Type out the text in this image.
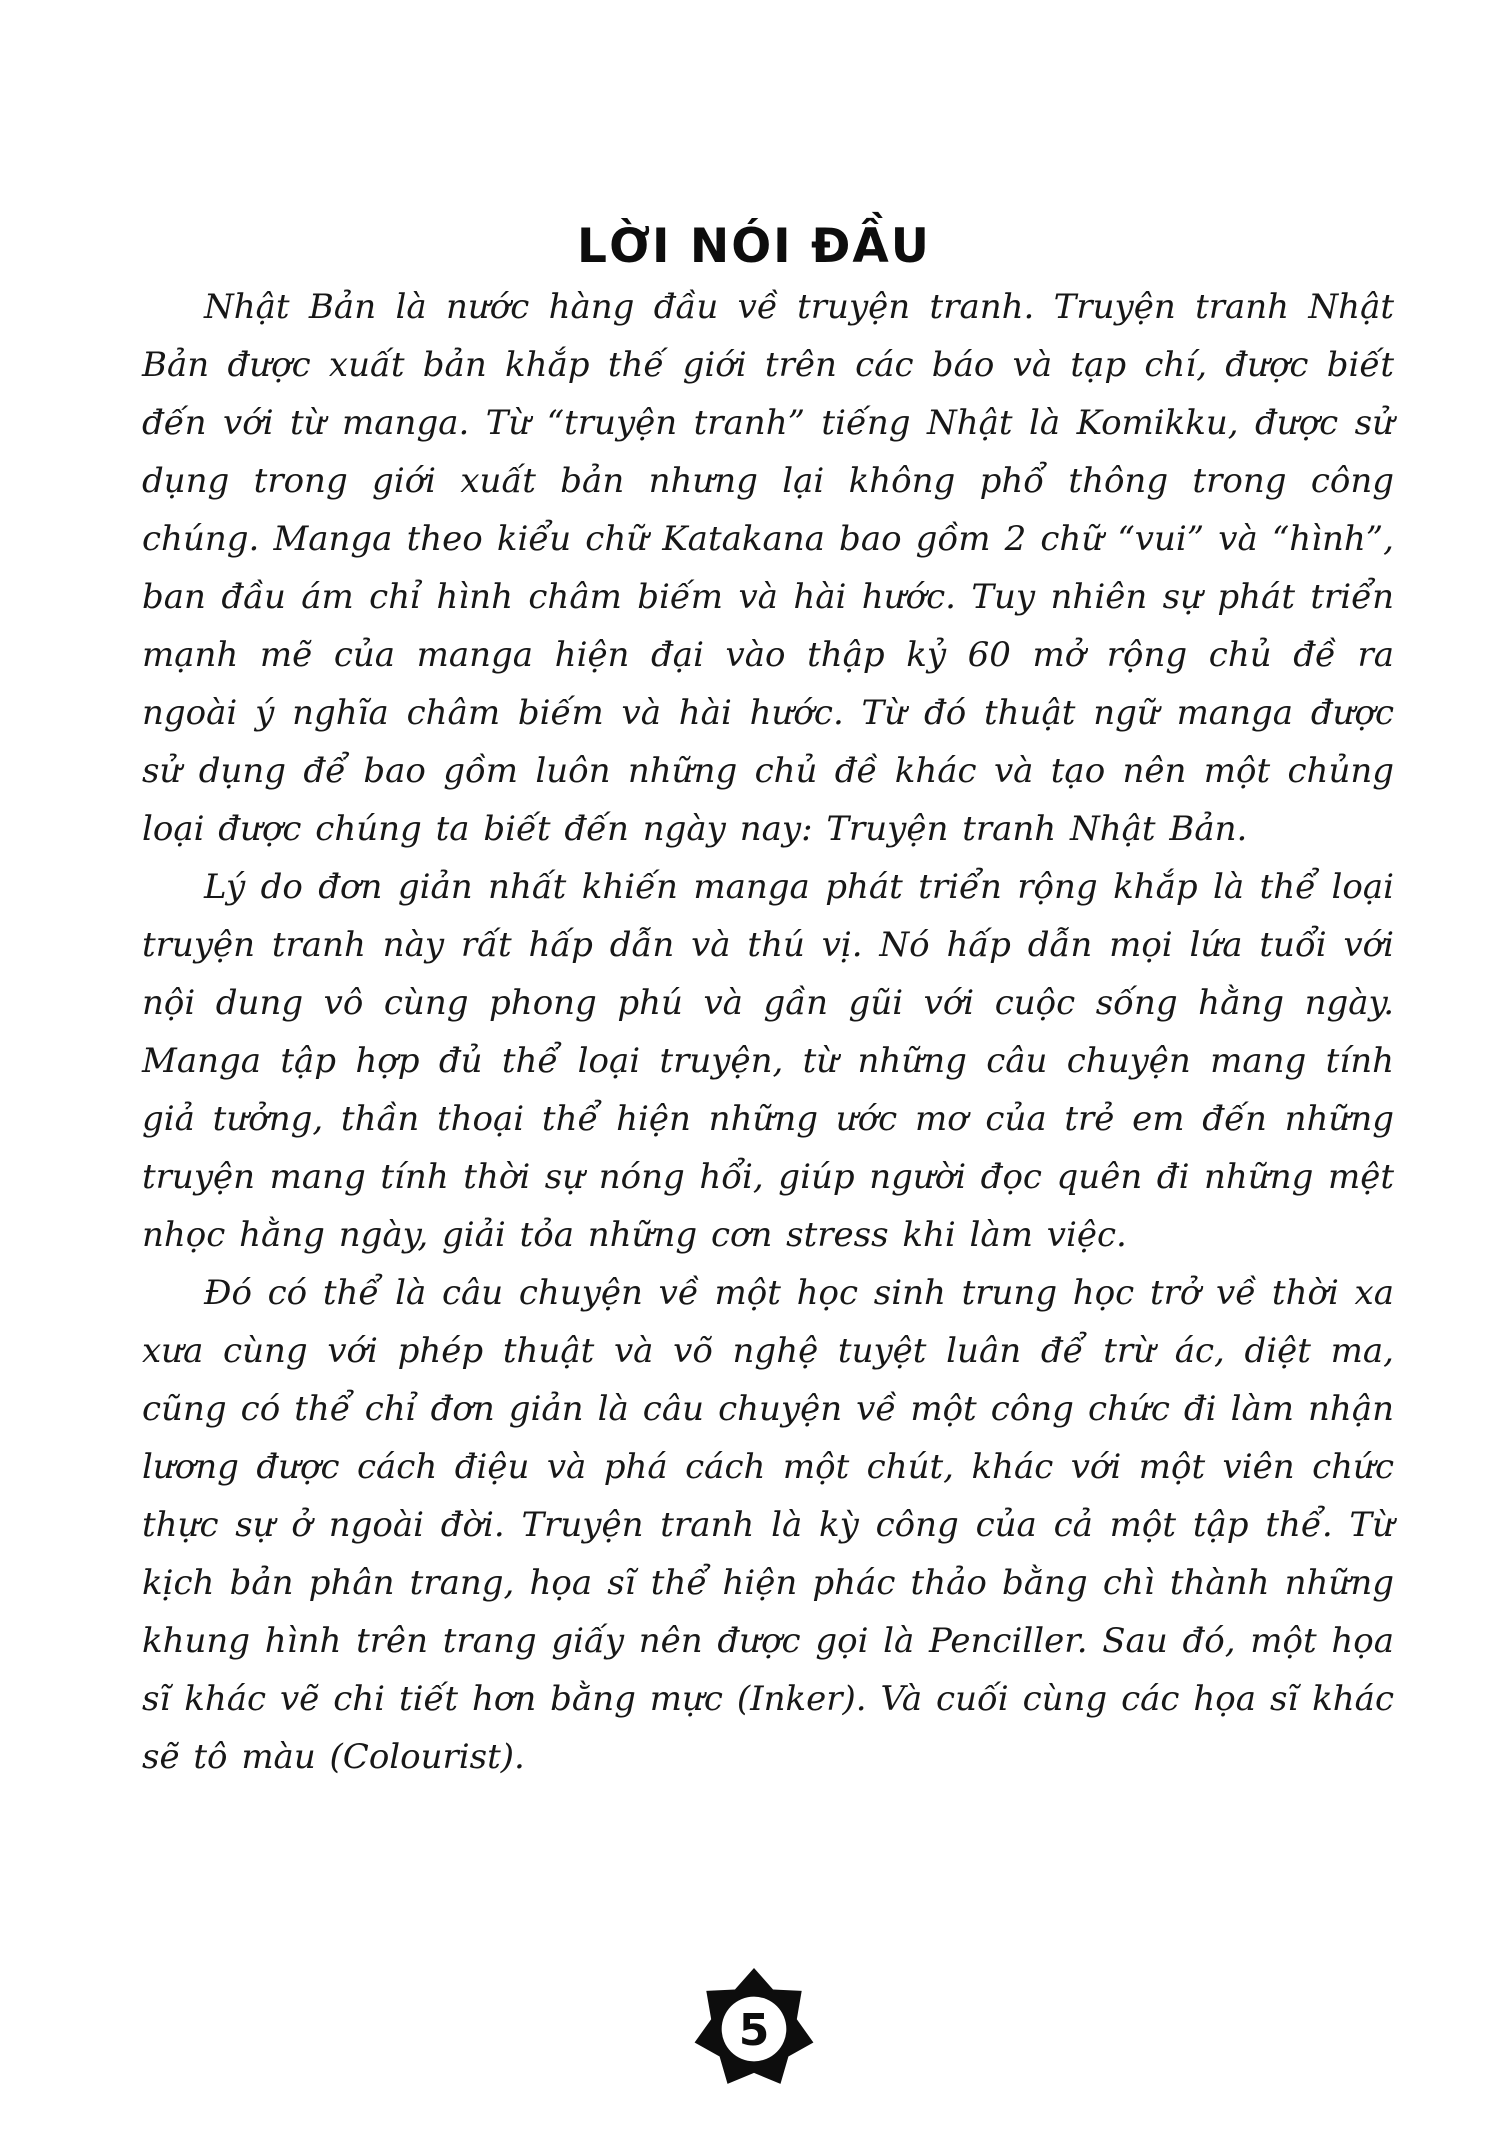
LỜI NÓI ĐẦU

Nhật Bản là nước hàng đầu về truyện tranh. Truyện tranh Nhật Bản được xuất bản khắp thế giới trên các báo và tạp chí, được biết đến với từ manga. Từ “truyện tranh” tiếng Nhật là Komikku, được sử dụng trong giới xuất bản nhưng lại không phổ thông trong công chúng. Manga theo kiểu chữ Katakana bao gồm 2 chữ “vui” và “hình”, ban đầu ám chỉ hình châm biếm và hài hước. Tuy nhiên sự phát triển mạnh mẽ của manga hiện đại vào thập kỷ 60 mở rộng chủ đề ra ngoài ý nghĩa châm biếm và hài hước. Từ đó thuật ngữ manga được sử dụng để bao gồm luôn những chủ đề khác và tạo nên một chủng loại được chúng ta biết đến ngày nay: Truyện tranh Nhật Bản.

Lý do đơn giản nhất khiến manga phát triển rộng khắp là thể loại truyện tranh này rất hấp dẫn và thú vị. Nó hấp dẫn mọi lứa tuổi với nội dung vô cùng phong phú và gần gũi với cuộc sống hằng ngày. Manga tập hợp đủ thể loại truyện, từ những câu chuyện mang tính giả tưởng, thần thoại thể hiện những ước mơ của trẻ em đến những truyện mang tính thời sự nóng hổi, giúp người đọc quên đi những mệt nhọc hằng ngày, giải tỏa những cơn stress khi làm việc.

Đó có thể là câu chuyện về một học sinh trung học trở về thời xa xưa cùng với phép thuật và võ nghệ tuyệt luân để trừ ác, diệt ma, cũng có thể chỉ đơn giản là câu chuyện về một công chức đi làm nhận lương được cách điệu và phá cách một chút, khác với một viên chức thực sự ở ngoài đời. Truyện tranh là kỳ công của cả một tập thể. Từ kịch bản phân trang, họa sĩ thể hiện phác thảo bằng chì thành những khung hình trên trang giấy nên được gọi là Penciller. Sau đó, một họa sĩ khác vẽ chi tiết hơn bằng mực (Inker). Và cuối cùng các họa sĩ khác sẽ tô màu (Colourist).

5
